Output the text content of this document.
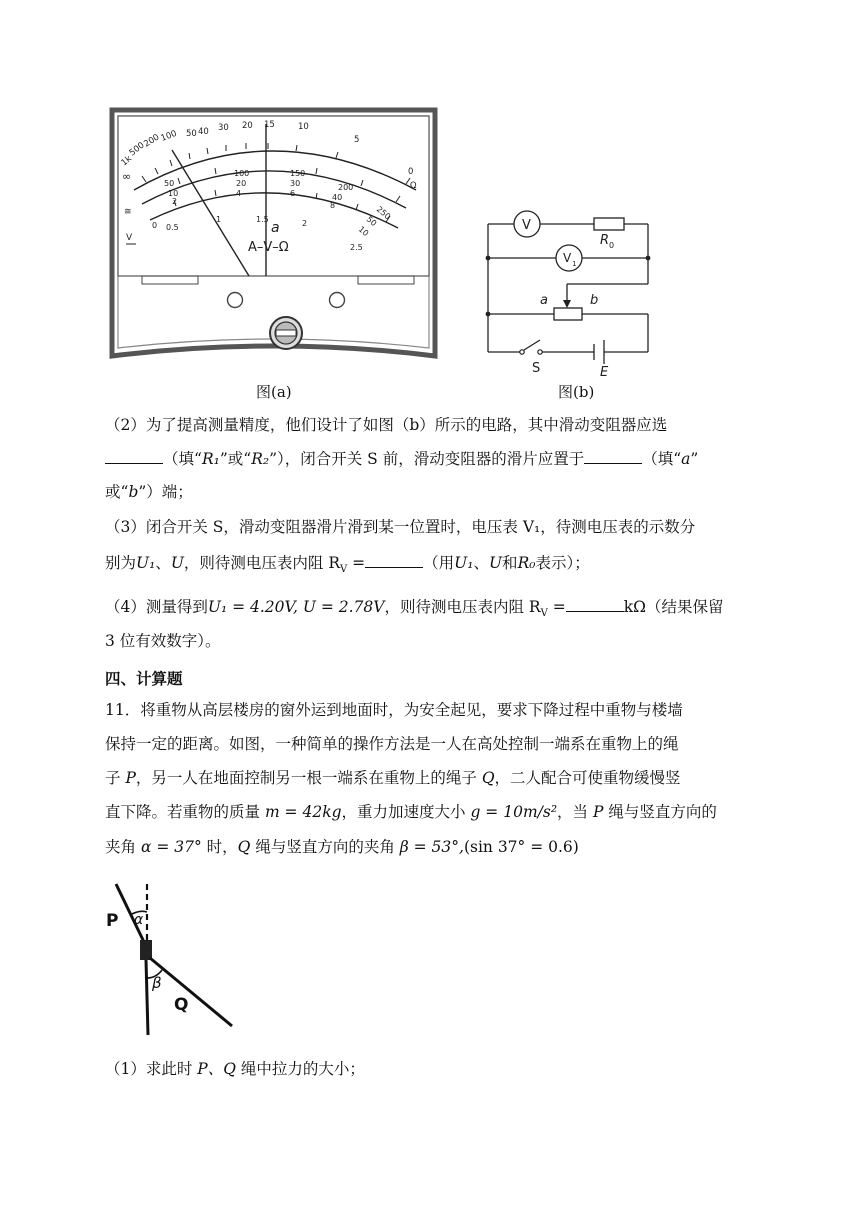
1k
500
200
100 50 40 30 20 15	10
5
0
Ω
∞
50
100	150
200
250
10
20	30
40
50
2
4	6
8
10
0 0.5
1	1.5	2
2.5
≅
V
a
A–V–Ω
图(a)
V
R 0
V 1
a	b
S	E
图(b)
（2）为了提高测量精度，他们设计了如图（b）所示的电路，其中滑动变阻器应选
（填“R₁”或“R₂”），闭合开关 S 前，滑动变阻器的滑片应置于	（填“a”
或“b”）端；
（3）闭合开关 S，滑动变阻器滑片滑到某一位置时，电压表 V₁，待测电压表的示数分
别为U₁、U，则待测电压表内阻 $R_V$ =	（用U₁、U和R₀表示）；
（4）测量得到U₁ = 4.20V, U = 2.78V，则待测电压表内阻 $R_V$ =	kΩ（结果保留
3 位有效数字）。
四、计算题
11．将重物从高层楼房的窗外运到地面时，为安全起见，要求下降过程中重物与楼墙
保持一定的距离。如图，一种简单的操作方法是一人在高处控制一端系在重物上的绳
子 P，另一人在地面控制另一根一端系在重物上的绳子 Q，二人配合可使重物缓慢竖
直下降。若重物的质量 m = 42kg，重力加速度大小 g = 10m/s²，当 P 绳与竖直方向的
夹角 α = 37° 时，Q 绳与竖直方向的夹角 β = 53°,(sin 37° = 0.6)
P α
β
Q
（1）求此时 P、Q 绳中拉力的大小；
